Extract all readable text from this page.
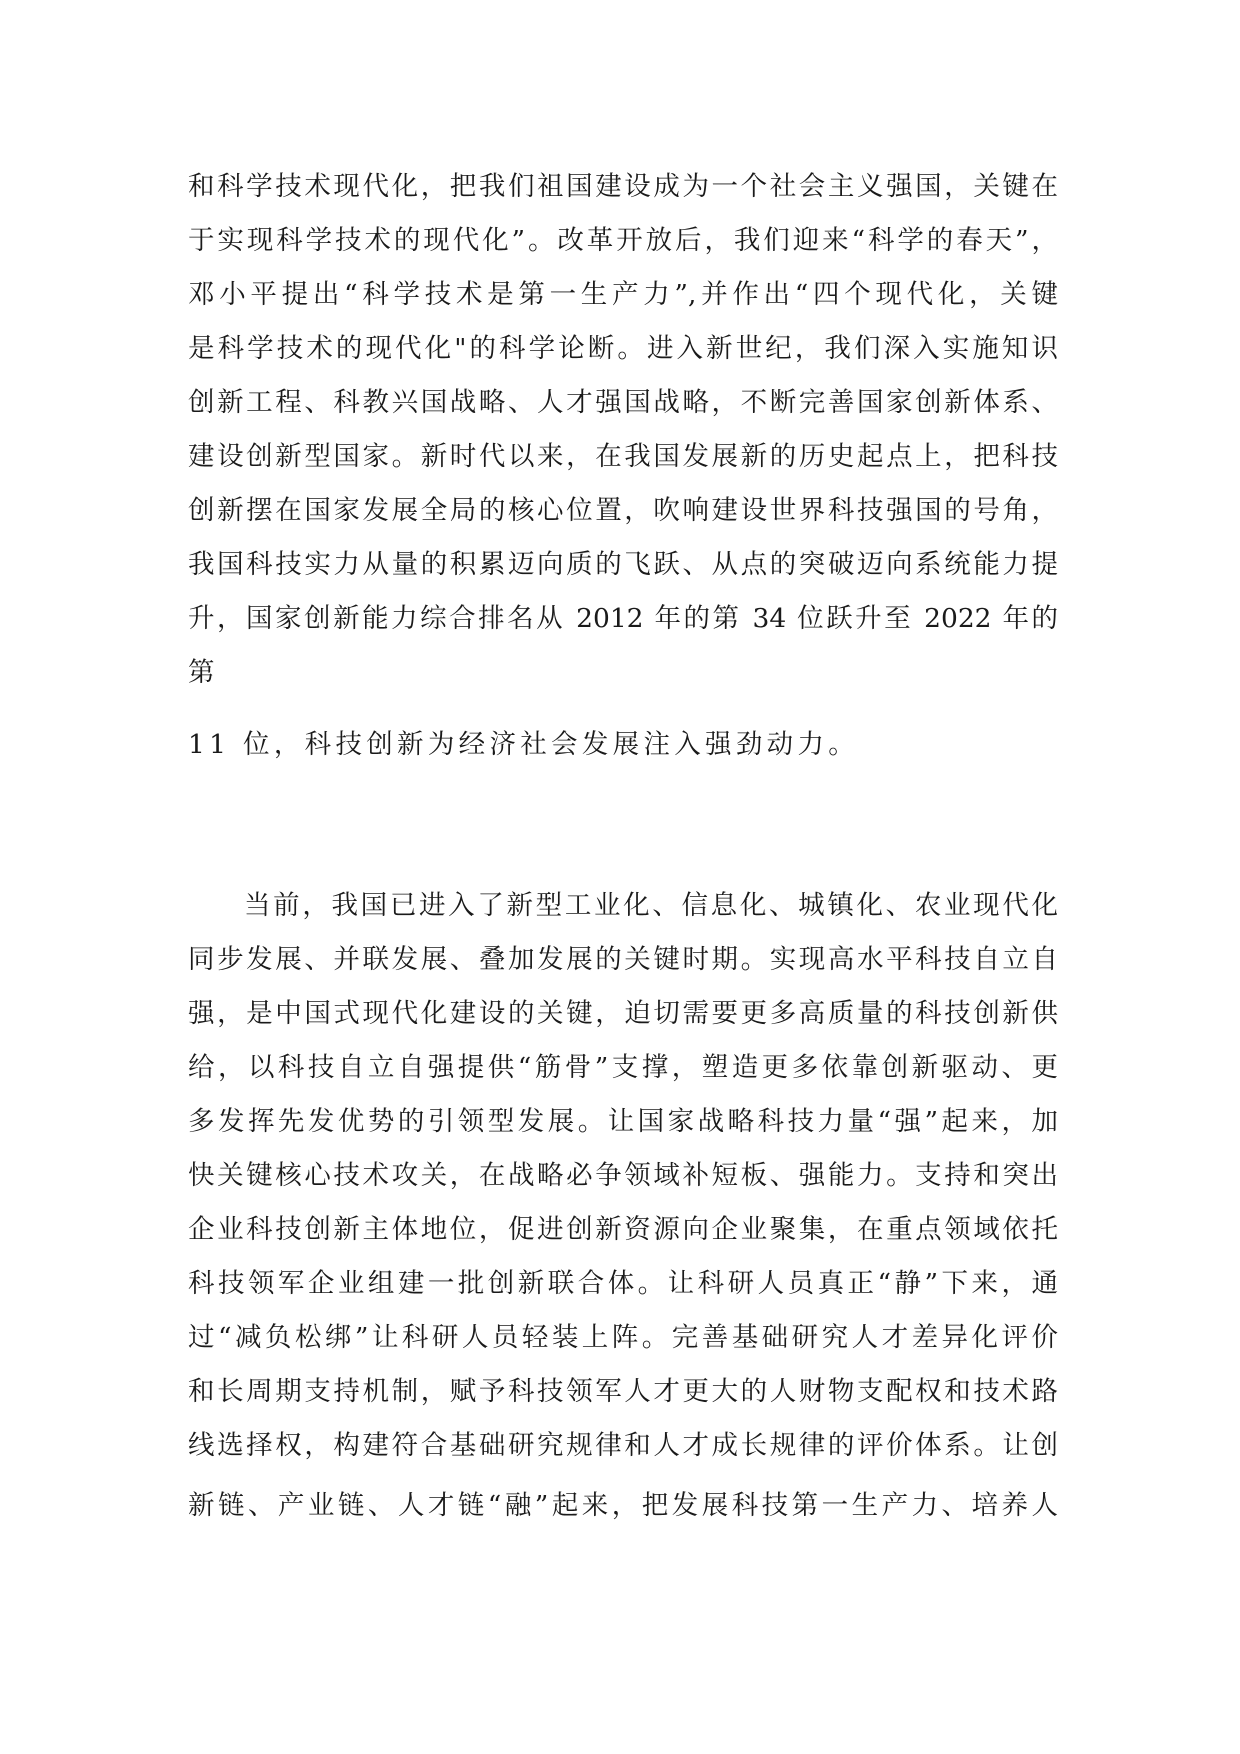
和科学技术现代化，把我们祖国建设成为一个社会主义强国，关键在
于实现科学技术的现代化”。改革开放后，我们迎来“科学的春天”，
邓小平提出“科学技术是第一生产力”,并作出“四个现代化，关键
是科学技术的现代化"的科学论断。进入新世纪，我们深入实施知识
创新工程、科教兴国战略、人才强国战略，不断完善国家创新体系、
建设创新型国家。新时代以来，在我国发展新的历史起点上，把科技
创新摆在国家发展全局的核心位置，吹响建设世界科技强国的号角，
我国科技实力从量的积累迈向质的飞跃、从点的突破迈向系统能力提
升，国家创新能力综合排名从 2012 年的第 34 位跃升至 2022 年的
第
11 位，科技创新为经济社会发展注入强劲动力。
当前，我国已进入了新型工业化、信息化、城镇化、农业现代化
同步发展、并联发展、叠加发展的关键时期。实现高水平科技自立自
强，是中国式现代化建设的关键，迫切需要更多高质量的科技创新供
给，以科技自立自强提供“筋骨”支撑，塑造更多依靠创新驱动、更
多发挥先发优势的引领型发展。让国家战略科技力量“强”起来，加
快关键核心技术攻关，在战略必争领域补短板、强能力。支持和突出
企业科技创新主体地位，促进创新资源向企业聚集，在重点领域依托
科技领军企业组建一批创新联合体。让科研人员真正“静”下来，通
过“减负松绑”让科研人员轻装上阵。完善基础研究人才差异化评价
和长周期支持机制，赋予科技领军人才更大的人财物支配权和技术路
线选择权，构建符合基础研究规律和人才成长规律的评价体系。让创
新链、产业链、人才链“融”起来，把发展科技第一生产力、培养人
